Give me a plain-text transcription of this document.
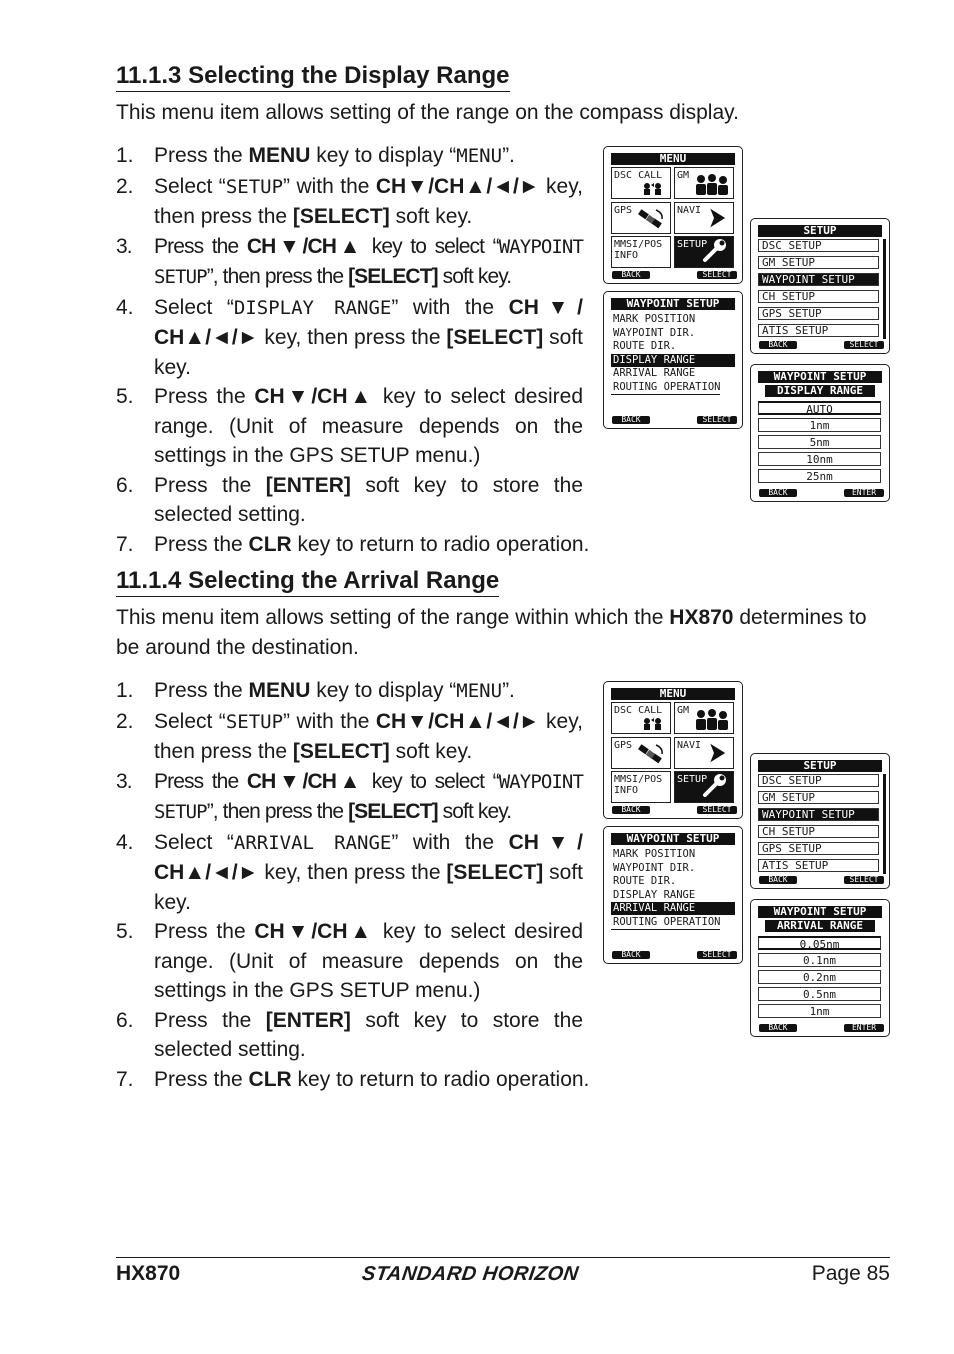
11.1.3 Selecting the Display Range

This menu item allows setting of the range on the compass display.

1. Press the MENU key to display “MENU”.
2. Select “SETUP” with the CH▼/CH▲/◄/► key, then press the [SELECT] soft key.
3. Press the CH▼/CH▲ key to select “WAYPOINT SETUP”, then press the [SELECT] soft key.
4. Select “DISPLAY RANGE” with the CH▼/ CH▲/◄/► key, then press the [SELECT] soft key.
5. Press the CH▼/CH▲ key to select desired range. (Unit of measure depends on the settings in the GPS SETUP menu.)
6. Press the [ENTER] soft key to store the selected setting.
7. Press the CLR key to return to radio operation.
11.1.4 Selecting the Arrival Range

This menu item allows setting of the range within which the HX870 determines to be around the destination.

1. Press the MENU key to display “MENU”.
2. Select “SETUP” with the CH▼/CH▲/◄/► key, then press the [SELECT] soft key.
3. Press the CH▼/CH▲ key to select “WAYPOINT SETUP”, then press the [SELECT] soft key.
4. Select “ARRIVAL RANGE” with the CH▼/ CH▲/◄/► key, then press the [SELECT] soft key.
5. Press the CH▼/CH▲ key to select desired range. (Unit of measure depends on the settings in the GPS SETUP menu.)
6. Press the [ENTER] soft key to store the selected setting.
7. Press the CLR key to return to radio operation.
MENU
DSC CALL	GM
GPS	NAVI
MMSI/POS INFO
SETUP
BACK	SELECT
WAYPOINT SETUP
MARK POSITION
WAYPOINT DIR.
ROUTE DIR.
DISPLAY RANGE
ARRIVAL RANGE
ROUTING OPERATION
BACK	SELECT
SETUP
DSC SETUP
GM SETUP
WAYPOINT SETUP
CH SETUP
GPS SETUP
ATIS SETUP
BACK	SELECT
WAYPOINT SETUP
DISPLAY RANGE
AUTO
1nm
5nm
10nm
25nm
BACK	ENTER
MENU
DSC CALL	GM
GPS	NAVI
MMSI/POS INFO
SETUP
BACK	SELECT
WAYPOINT SETUP
MARK POSITION
WAYPOINT DIR.
ROUTE DIR.
DISPLAY RANGE
ARRIVAL RANGE
ROUTING OPERATION
BACK	SELECT
SETUP
DSC SETUP
GM SETUP
WAYPOINT SETUP
CH SETUP
GPS SETUP
ATIS SETUP
BACK	SELECT
WAYPOINT SETUP
ARRIVAL RANGE
0.05nm
0.1nm
0.2nm
0.5nm
1nm
BACK	ENTER
HX870	STANDARD HORIZON	Page 85
